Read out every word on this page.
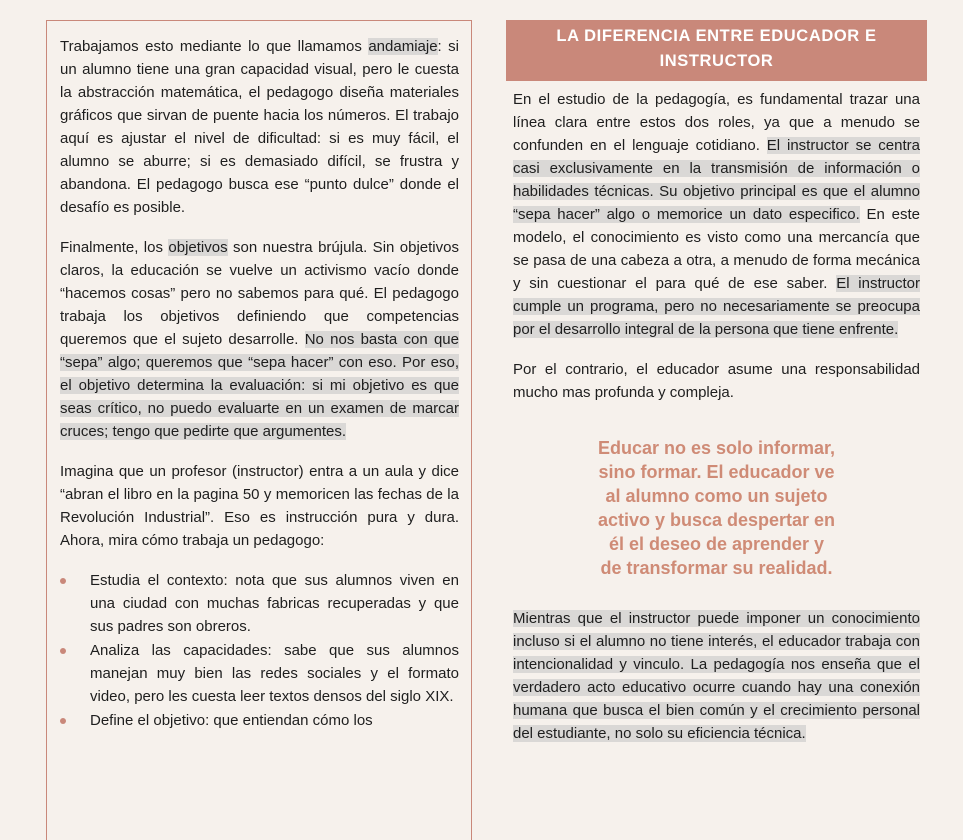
Trabajamos esto mediante lo que llamamos andamiaje: si un alumno tiene una gran capacidad visual, pero le cuesta la abstracción matemática, el pedagogo diseña materiales gráficos que sirvan de puente hacia los números. El trabajo aquí es ajustar el nivel de dificultad: si es muy fácil, el alumno se aburre; si es demasiado difícil, se frustra y abandona. El pedagogo busca ese “punto dulce” donde el desafío es posible.

Finalmente, los objetivos son nuestra brújula. Sin objetivos claros, la educación se vuelve un activismo vacío donde “hacemos cosas” pero no sabemos para qué. El pedagogo trabaja los objetivos definiendo que competencias queremos que el sujeto desarrolle. No nos basta con que “sepa” algo; queremos que “sepa hacer” con eso. Por eso, el objetivo determina la evaluación: si mi objetivo es que seas crítico, no puedo evaluarte en un examen de marcar cruces; tengo que pedirte que argumentes.

Imagina que un profesor (instructor) entra a un aula y dice “abran el libro en la pagina 50 y memoricen las fechas de la Revolución Industrial”. Eso es instrucción pura y dura. Ahora, mira cómo trabaja un pedagogo:

Estudia el contexto: nota que sus alumnos viven en una ciudad con muchas fabricas recuperadas y que sus padres son obreros.
Analiza las capacidades: sabe que sus alumnos manejan muy bien las redes sociales y el formato video, pero les cuesta leer textos densos del siglo XIX.
Define el objetivo: que entiendan cómo los
LA DIFERENCIA ENTRE EDUCADOR E INSTRUCTOR

En el estudio de la pedagogía, es fundamental trazar una línea clara entre estos dos roles, ya que a menudo se confunden en el lenguaje cotidiano. El instructor se centra casi exclusivamente en la transmisión de información o habilidades técnicas. Su objetivo principal es que el alumno “sepa hacer” algo o memorice un dato especifico. En este modelo, el conocimiento es visto como una mercancía que se pasa de una cabeza a otra, a menudo de forma mecánica y sin cuestionar el para qué de ese saber. El instructor cumple un programa, pero no necesariamente se preocupa por el desarrollo integral de la persona que tiene enfrente.

Por el contrario, el educador asume una responsabilidad mucho mas profunda y compleja.

Educar no es solo informar, sino formar. El educador ve al alumno como un sujeto activo y busca despertar en él el deseo de aprender y de transformar su realidad.

Mientras que el instructor puede imponer un conocimiento incluso si el alumno no tiene interés, el educador trabaja con intencionalidad y vinculo. La pedagogía nos enseña que el verdadero acto educativo ocurre cuando hay una conexión humana que busca el bien común y el crecimiento personal del estudiante, no solo su eficiencia técnica.
